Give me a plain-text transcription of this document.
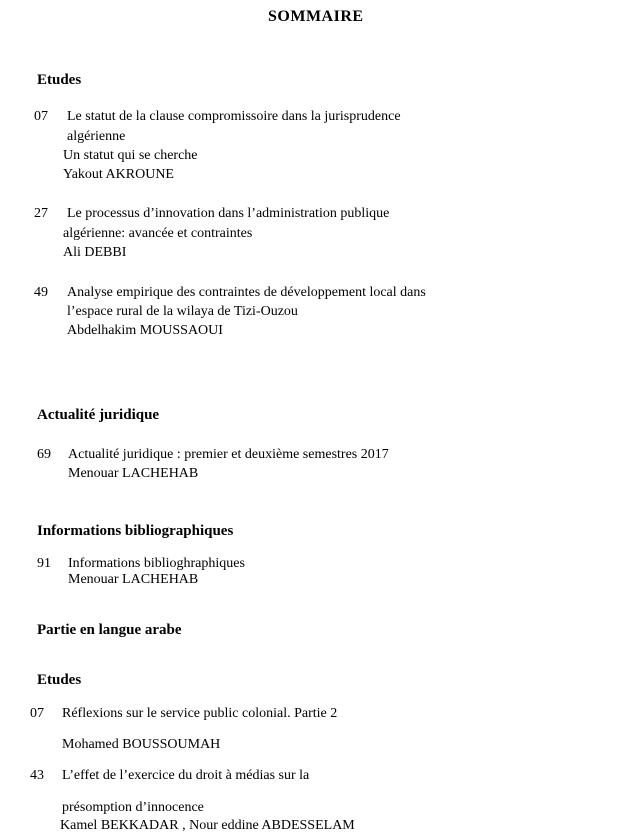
SOMMAIRE
Etudes
07 Le statut de la clause compromissoire dans la jurisprudence
algérienne
Un statut qui se cherche
Yakout AKROUNE
27 Le processus d’innovation dans l’administration publique
algérienne: avancée et contraintes
Ali DEBBI
49 Analyse empirique des contraintes de développement local dans
l’espace rural de la wilaya de Tizi-Ouzou
Abdelhakim MOUSSAOUI
Actualité juridique
69 Actualité juridique : premier et deuxième semestres 2017
Menouar LACHEHAB
Informations bibliographiques
91 Informations biblioghraphiques
Menouar LACHEHAB
Partie en langue arabe
Etudes
07 Réflexions sur le service public colonial. Partie 2
Mohamed BOUSSOUMAH
43 L’effet de l’exercice du droit à médias sur la
présomption d’innocence
Kamel BEKKADAR , Nour eddine ABDESSELAM
